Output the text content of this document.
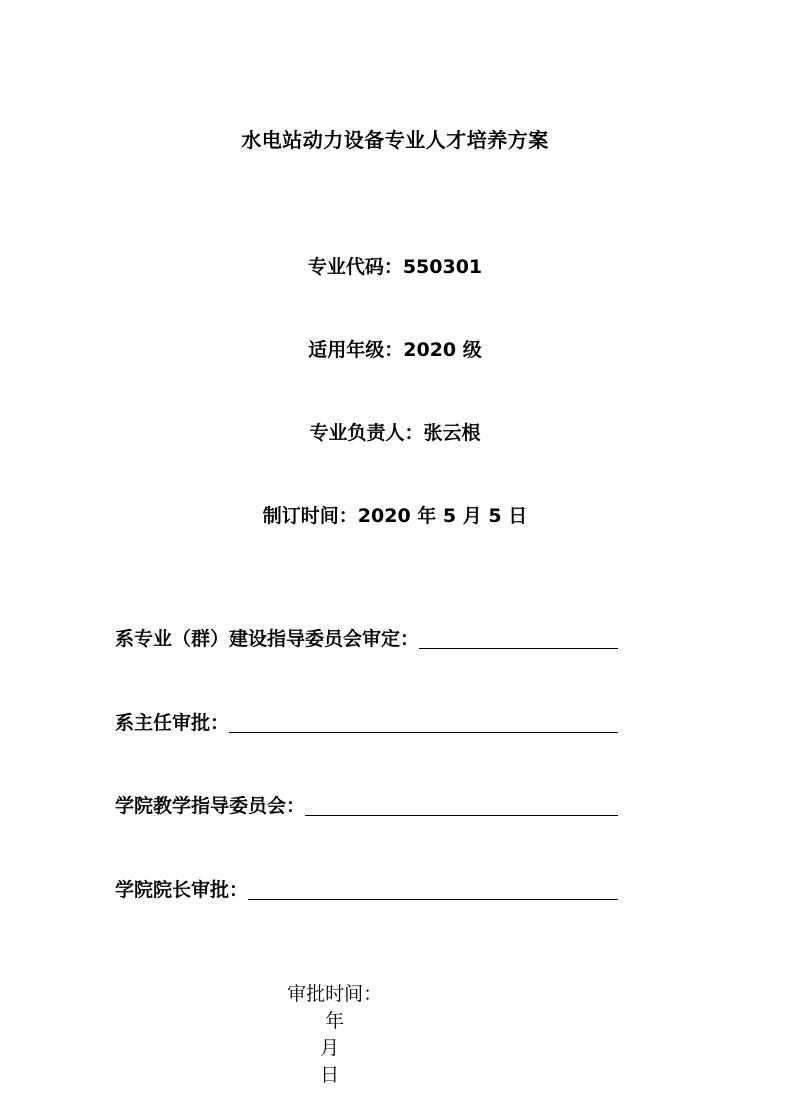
水电站动力设备专业人才培养方案
专业代码：550301
适用年级：2020 级
专业负责人：张云根
制订时间：2020 年 5 月 5 日
系专业（群）建设指导委员会审定：
系主任审批：
学院教学指导委员会：
学院院长审批：

审批时间：
年
月
日
